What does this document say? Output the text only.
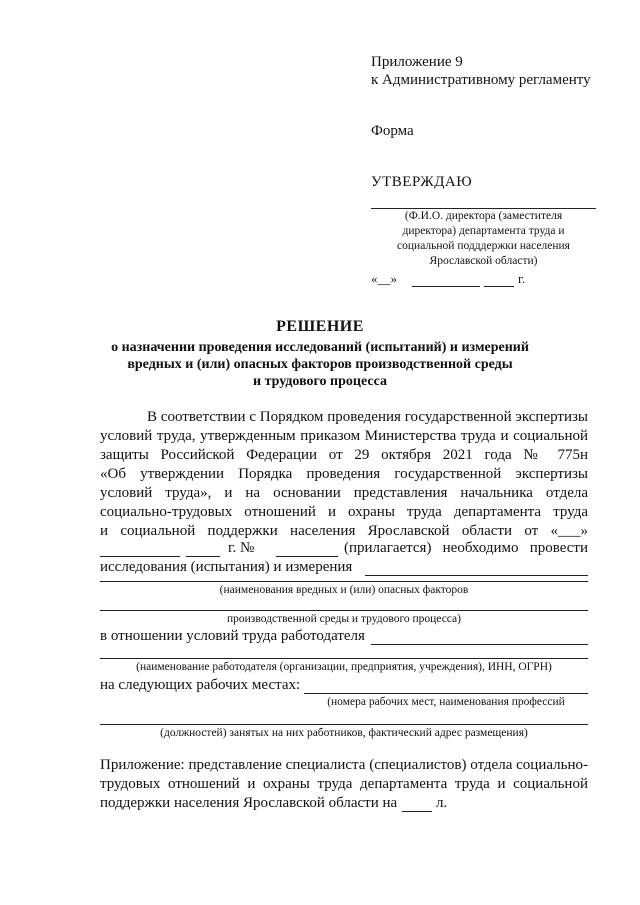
Приложение 9
к Административному регламенту
Форма
УТВЕРЖДАЮ
(Ф.И.О. директора (заместителя
директора) департамента труда и
социальной подддержки населения
Ярославской области)
«__»	г.
РЕШЕНИЕ
о назначении проведения исследований (испытаний) и измерений
вредных и (или) опасных факторов производственной среды
и трудового процесса
В соответствии с Порядком проведения государственной экспертизы
условий труда, утвержденным приказом Министерства труда и социальной
защиты Российской Федерации от 29 октября 2021 года № 775н
«Об утверждении Порядка проведения государственной экспертизы
условий труда», и на основании представления начальника отдела
социально-трудовых отношений и охраны труда департамента труда
и социальной поддержки населения Ярославской области от «___»
г. №	(прилагается) необходимо провести
исследования (испытания) и измерения
(наименования вредных и (или) опасных факторов
производственной среды и трудового процесса)
в отношении условий труда работодателя
(наименование работодателя (организации, предприятия, учреждения), ИНН, ОГРН)
на следующих рабочих местах:
(номера рабочих мест, наименования профессий
(должностей) занятых на них работников, фактический адрес размещения)
Приложение: представление специалиста (специалистов) отдела социально-
трудовых отношений и охраны труда департамента труда и социальной
поддержки населения Ярославской области на	л.
